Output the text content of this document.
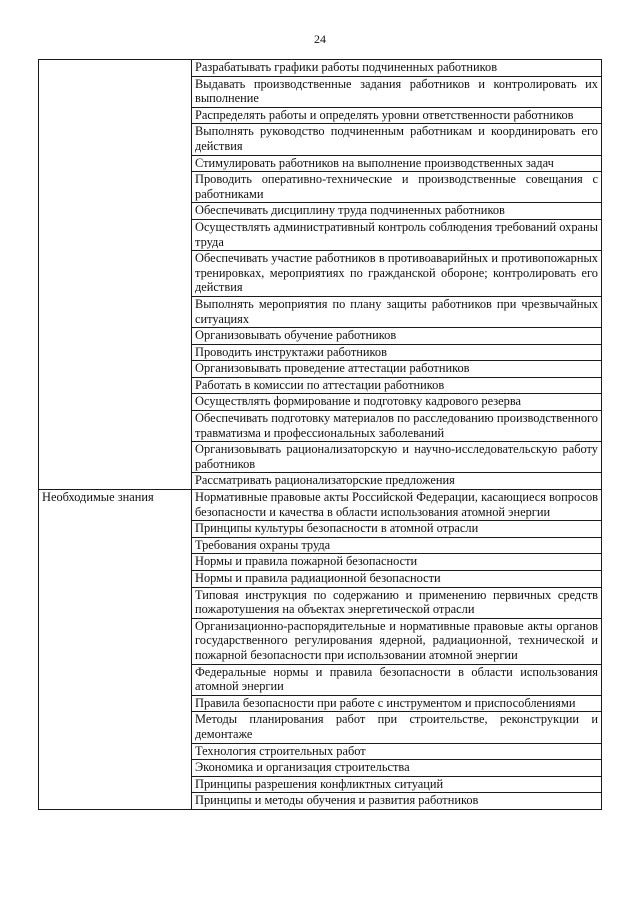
24
	Разрабатывать графики работы подчиненных работников
	Выдавать производственные задания работников и контролировать их выполнение
	Распределять работы и определять уровни ответственности работников
	Выполнять руководство подчиненным работникам и координировать его действия
	Стимулировать работников на выполнение производственных задач
	Проводить оперативно-технические и производственные совещания с работниками
	Обеспечивать дисциплину труда подчиненных работников
	Осуществлять административный контроль соблюдения требований охраны труда
	Обеспечивать участие работников в противоаварийных и противопожарных тренировках, мероприятиях по гражданской обороне; контролировать его действия
	Выполнять мероприятия по плану защиты работников при чрезвычайных ситуациях
	Организовывать обучение работников
	Проводить инструктажи работников
	Организовывать проведение аттестации работников
	Работать в комиссии по аттестации работников
	Осуществлять формирование и подготовку кадрового резерва
	Обеспечивать подготовку материалов по расследованию производственного травматизма и профессиональных заболеваний
	Организовывать рационализаторскую и научно-исследовательскую работу работников
	Рассматривать рационализаторские предложения
Необходимые знания	Нормативные правовые акты Российской Федерации, касающиеся вопросов безопасности и качества в области использования атомной энергии
	Принципы культуры безопасности в атомной отрасли
	Требования охраны труда
	Нормы и правила пожарной безопасности
	Нормы и правила радиационной безопасности
	Типовая инструкция по содержанию и применению первичных средств пожаротушения на объектах энергетической отрасли
	Организационно-распорядительные и нормативные правовые акты органов государственного регулирования ядерной, радиационной, технической и пожарной безопасности при использовании атомной энергии
	Федеральные нормы и правила безопасности в области использования атомной энергии
	Правила безопасности при работе с инструментом и приспособлениями
	Методы планирования работ при строительстве, реконструкции и демонтаже
	Технология строительных работ
	Экономика и организация строительства
	Принципы разрешения конфликтных ситуаций
	Принципы и методы обучения и развития работников
